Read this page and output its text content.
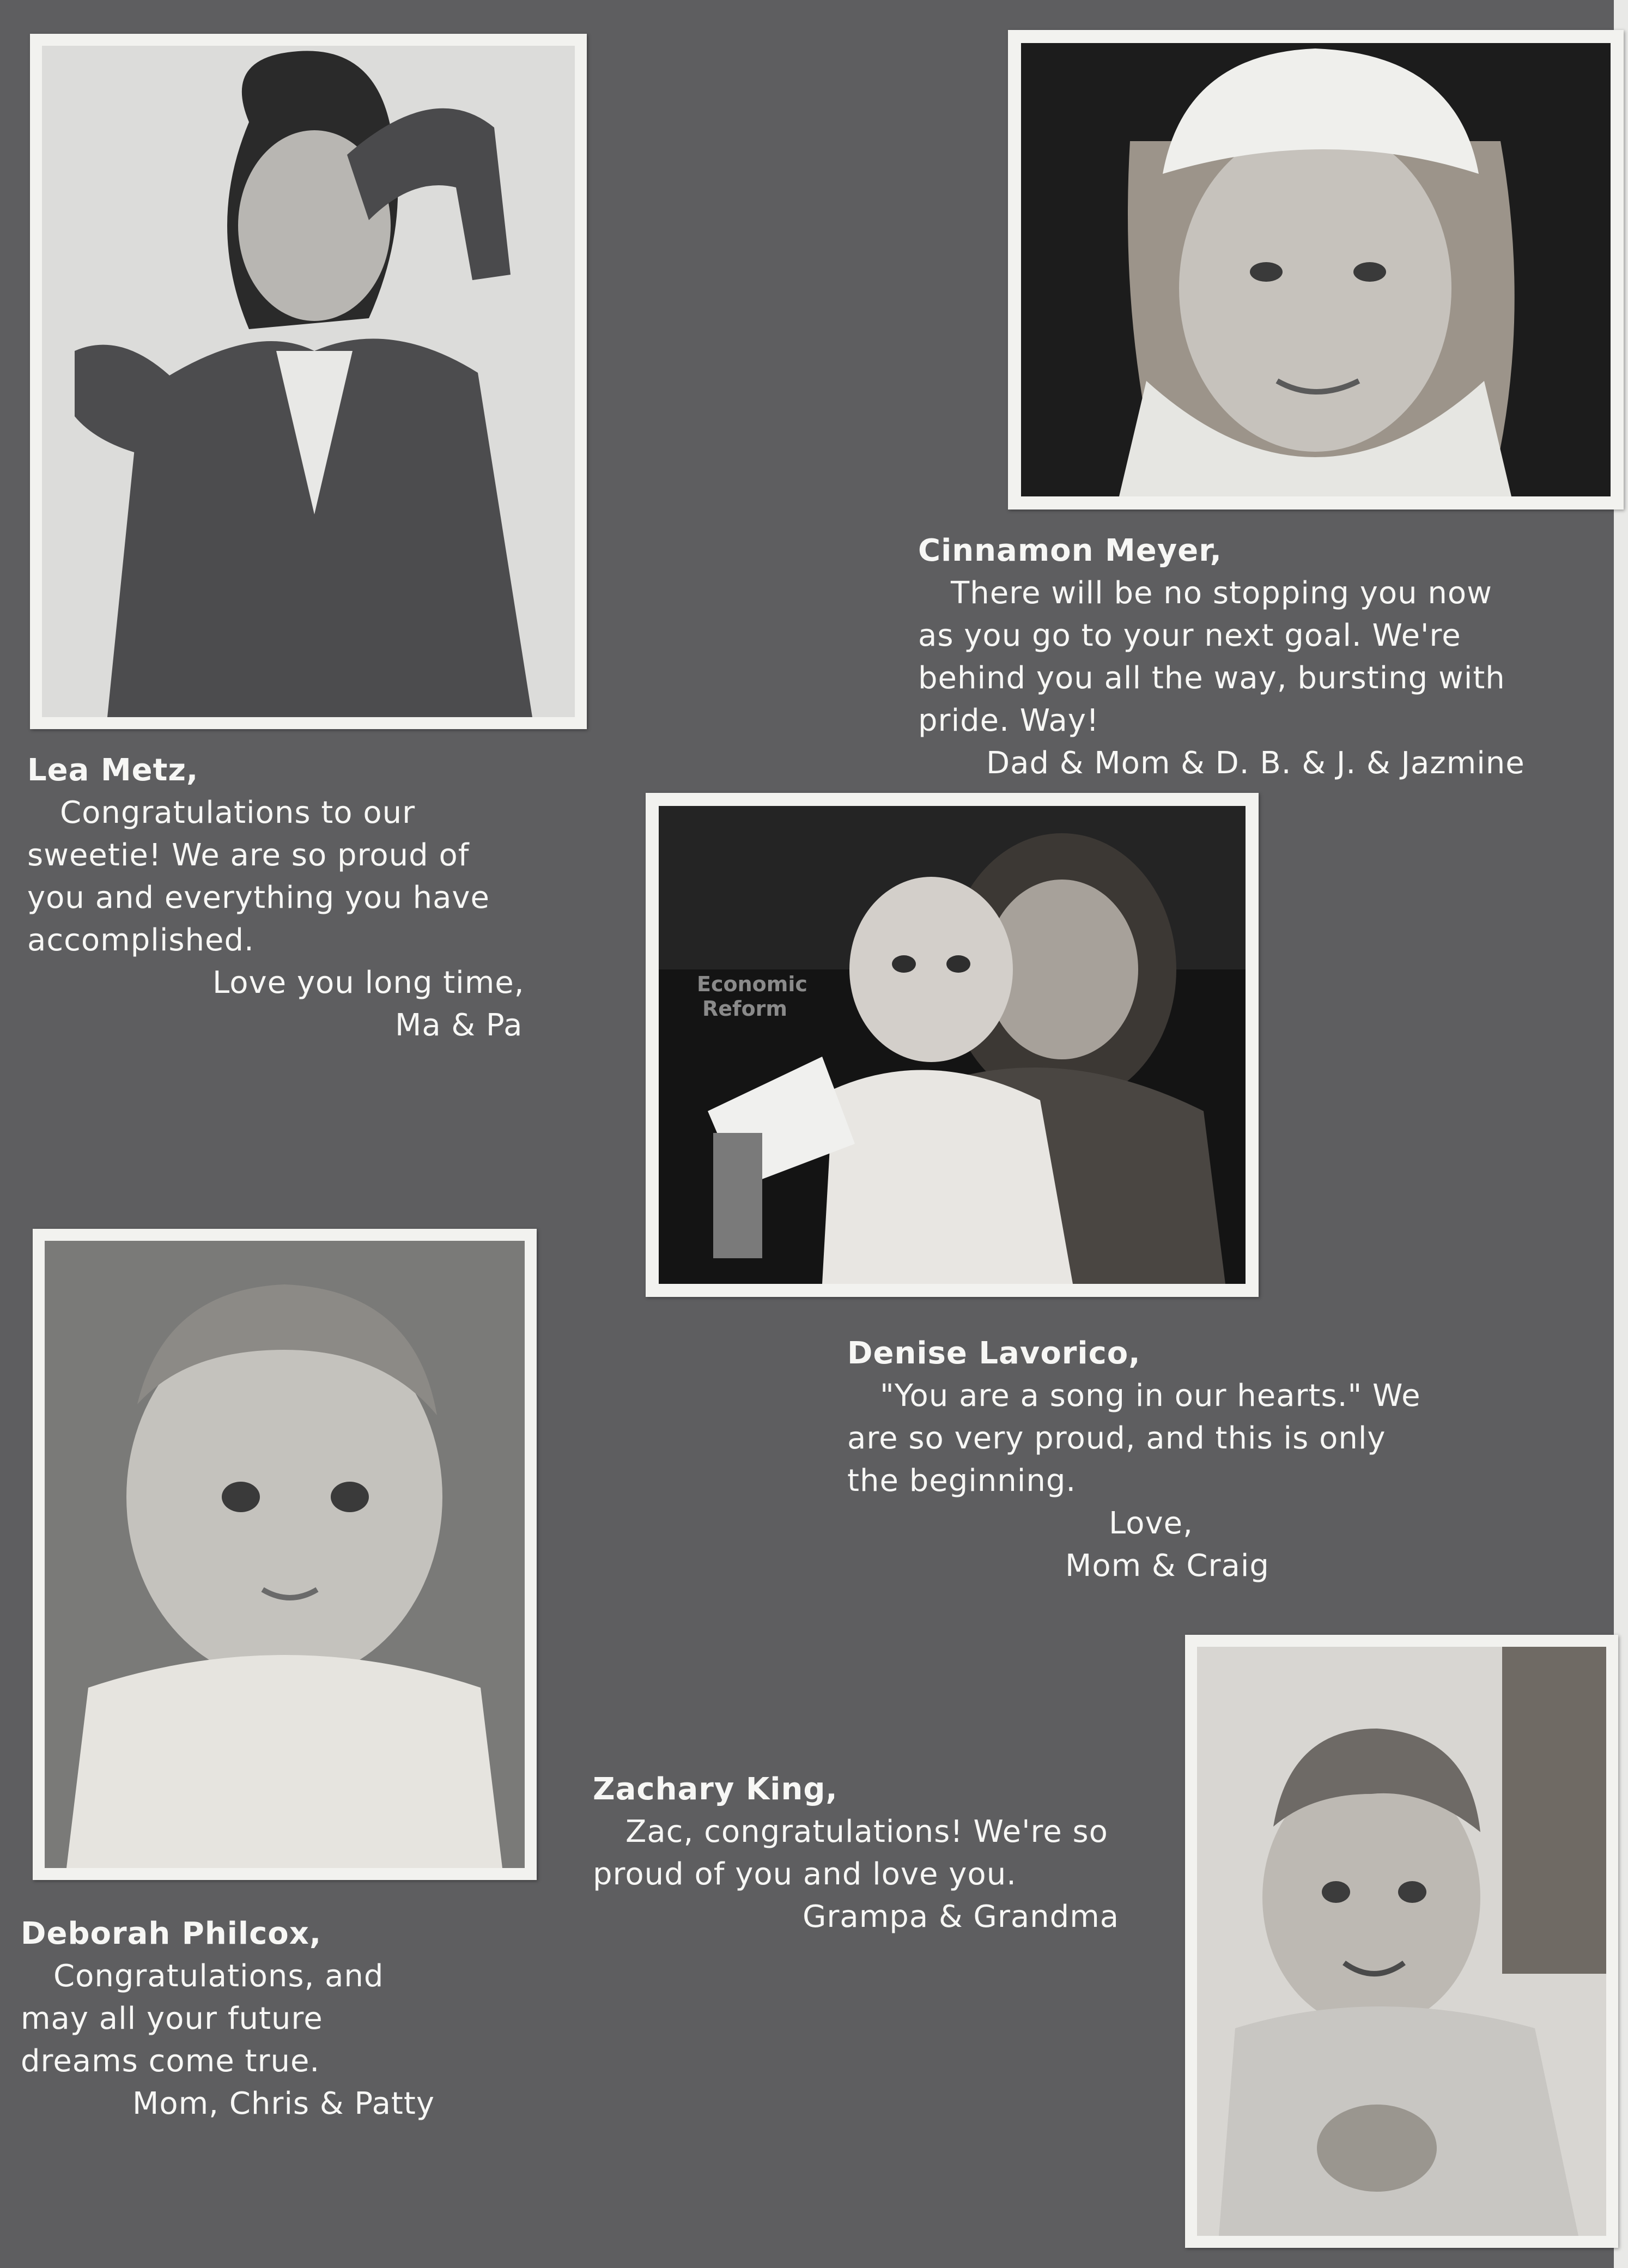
Economic
Reform
Lea Metz,
Congratulations to our
sweetie! We are so proud of
you and everything you have
accomplished.
Love you long time,
Ma & Pa
Cinnamon Meyer,
There will be no stopping you now
as you go to your next goal. We're
behind you all the way, bursting with
pride. Way!
Dad & Mom & D. B. & J. & Jazmine
Denise Lavorico,
"You are a song in our hearts." We
are so very proud, and this is only
the beginning.
Love,
Mom & Craig
Zachary King,
Zac, congratulations! We're so
proud of you and love you.
Grampa & Grandma
Deborah Philcox,
Congratulations, and
may all your future
dreams come true.
Mom, Chris & Patty
